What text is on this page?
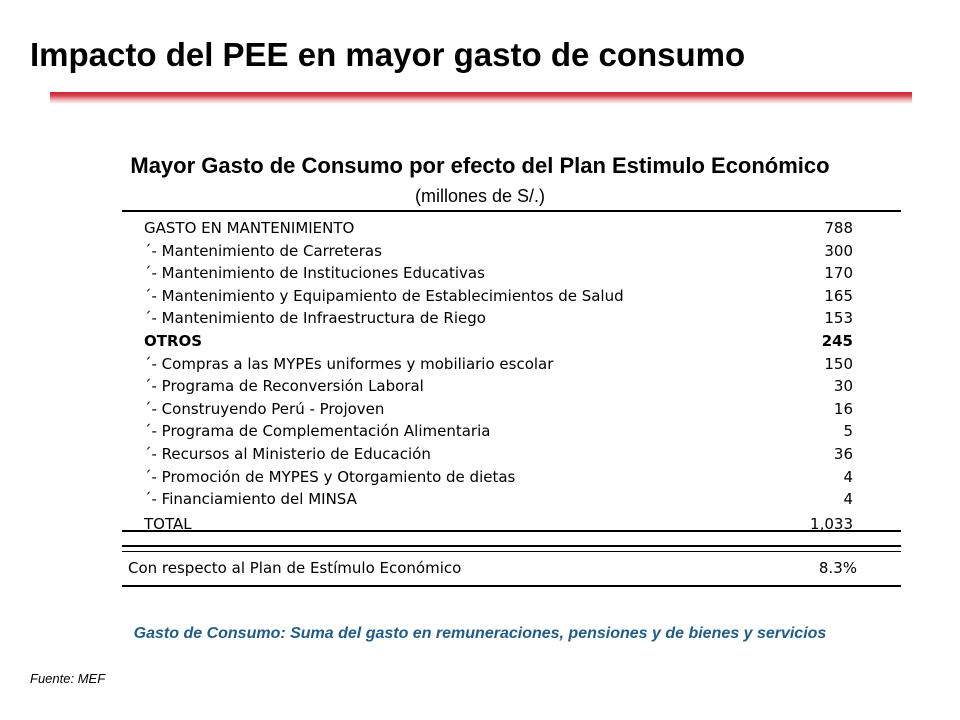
Impacto del PEE en mayor gasto de consumo
Mayor Gasto de Consumo por efecto del Plan Estimulo Económico
(millones de S/.)
GASTO EN MANTENIMIENTO	788
´- Mantenimiento de Carreteras	300
´- Mantenimiento de Instituciones Educativas	170
´- Mantenimiento y Equipamiento de Establecimientos de Salud	165
´- Mantenimiento de Infraestructura de Riego	153
OTROS	245
´- Compras a las MYPEs uniformes y mobiliario escolar	150
´- Programa de Reconversión Laboral	30
´- Construyendo Perú - Projoven	16
´- Programa de Complementación Alimentaria	5
´- Recursos al Ministerio de Educación	36
´- Promoción de MYPES y Otorgamiento de dietas	4
´- Financiamiento del MINSA	4
TOTAL	1,033
Con respecto al Plan de Estímulo Económico	8.3%
Gasto de Consumo: Suma del gasto en remuneraciones, pensiones y de bienes y servicios
Fuente: MEF
